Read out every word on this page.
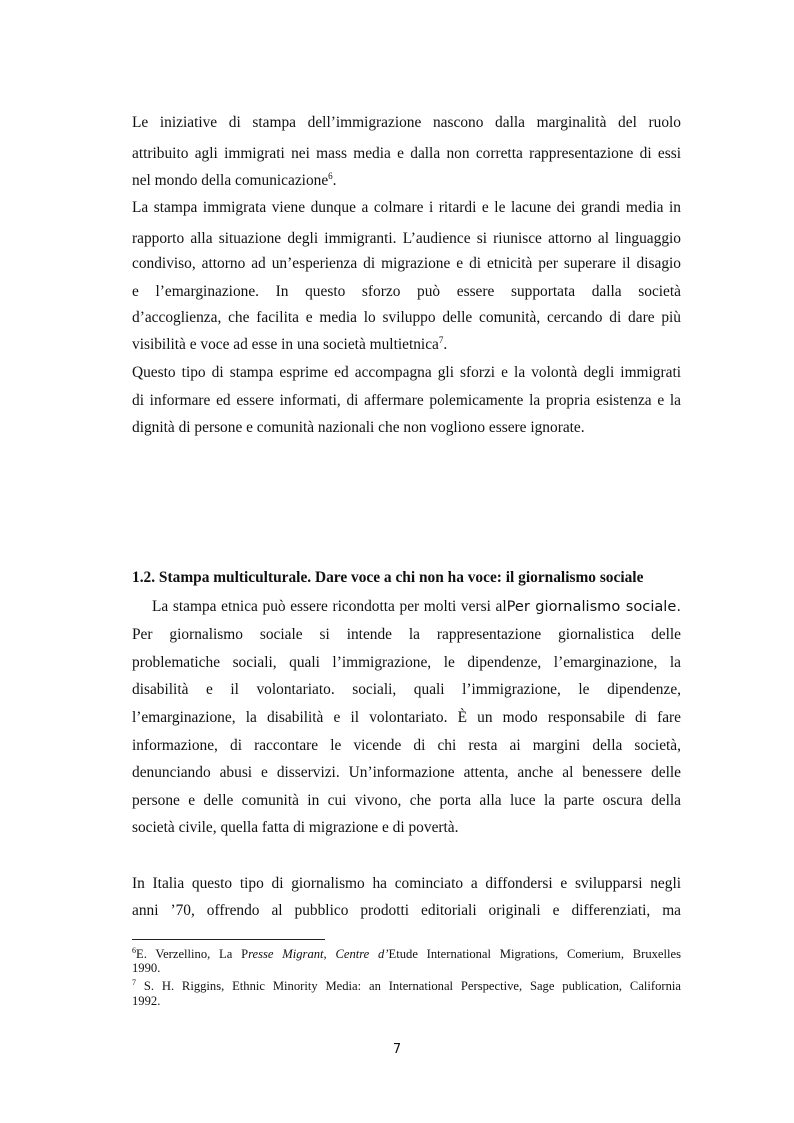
Le iniziative di stampa dell’immigrazione nascono dalla marginalità del ruolo
attribuito agli immigrati nei mass media e dalla non corretta rappresentazione di essi
nel mondo della comunicazione$^6$.
La stampa immigrata viene dunque a colmare i ritardi e le lacune dei grandi media in
rapporto alla situazione degli immigranti. L’audience si riunisce attorno al linguaggio
condiviso, attorno ad un’esperienza di migrazione e di etnicità per superare il disagio
e l’emarginazione. In questo sforzo può essere supportata dalla società
d’accoglienza, che facilita e media lo sviluppo delle comunità, cercando di dare più
visibilità e voce ad esse in una società multietnica$^7$.
Questo tipo di stampa esprime ed accompagna gli sforzi e la volontà degli immigrati
di informare ed essere informati, di affermare polemicamente la propria esistenza e la
dignità di persone e comunità nazionali che non vogliono essere ignorate.
1.2. Stampa multiculturale. Dare voce a chi non ha voce: il giornalismo sociale
La stampa etnica può essere ricondotta per molti versi alPer giornalismo sociale.
Per giornalismo sociale si intende la rappresentazione giornalistica delle
problematiche sociali, quali l’immigrazione, le dipendenze, l’emarginazione, la
disabilità e il volontariato. sociali, quali l’immigrazione, le dipendenze,
l’emarginazione, la disabilità e il volontariato. È un modo responsabile di fare
informazione, di raccontare le vicende di chi resta ai margini della società,
denunciando abusi e disservizi. Un’informazione attenta, anche al benessere delle
persone e delle comunità in cui vivono, che porta alla luce la parte oscura della
società civile, quella fatta di migrazione e di povertà.
In Italia questo tipo di giornalismo ha cominciato a diffondersi e svilupparsi negli
anni ’70, offrendo al pubblico prodotti editoriali originali e differenziati, ma
$^6$E. Verzellino, La Presse Migrant, Centre d’Etude International Migrations, Comerium, Bruxelles
1990.
$^7$ S. H. Riggins, Ethnic Minority Media: an International Perspective, Sage publication, California
1992.
7
